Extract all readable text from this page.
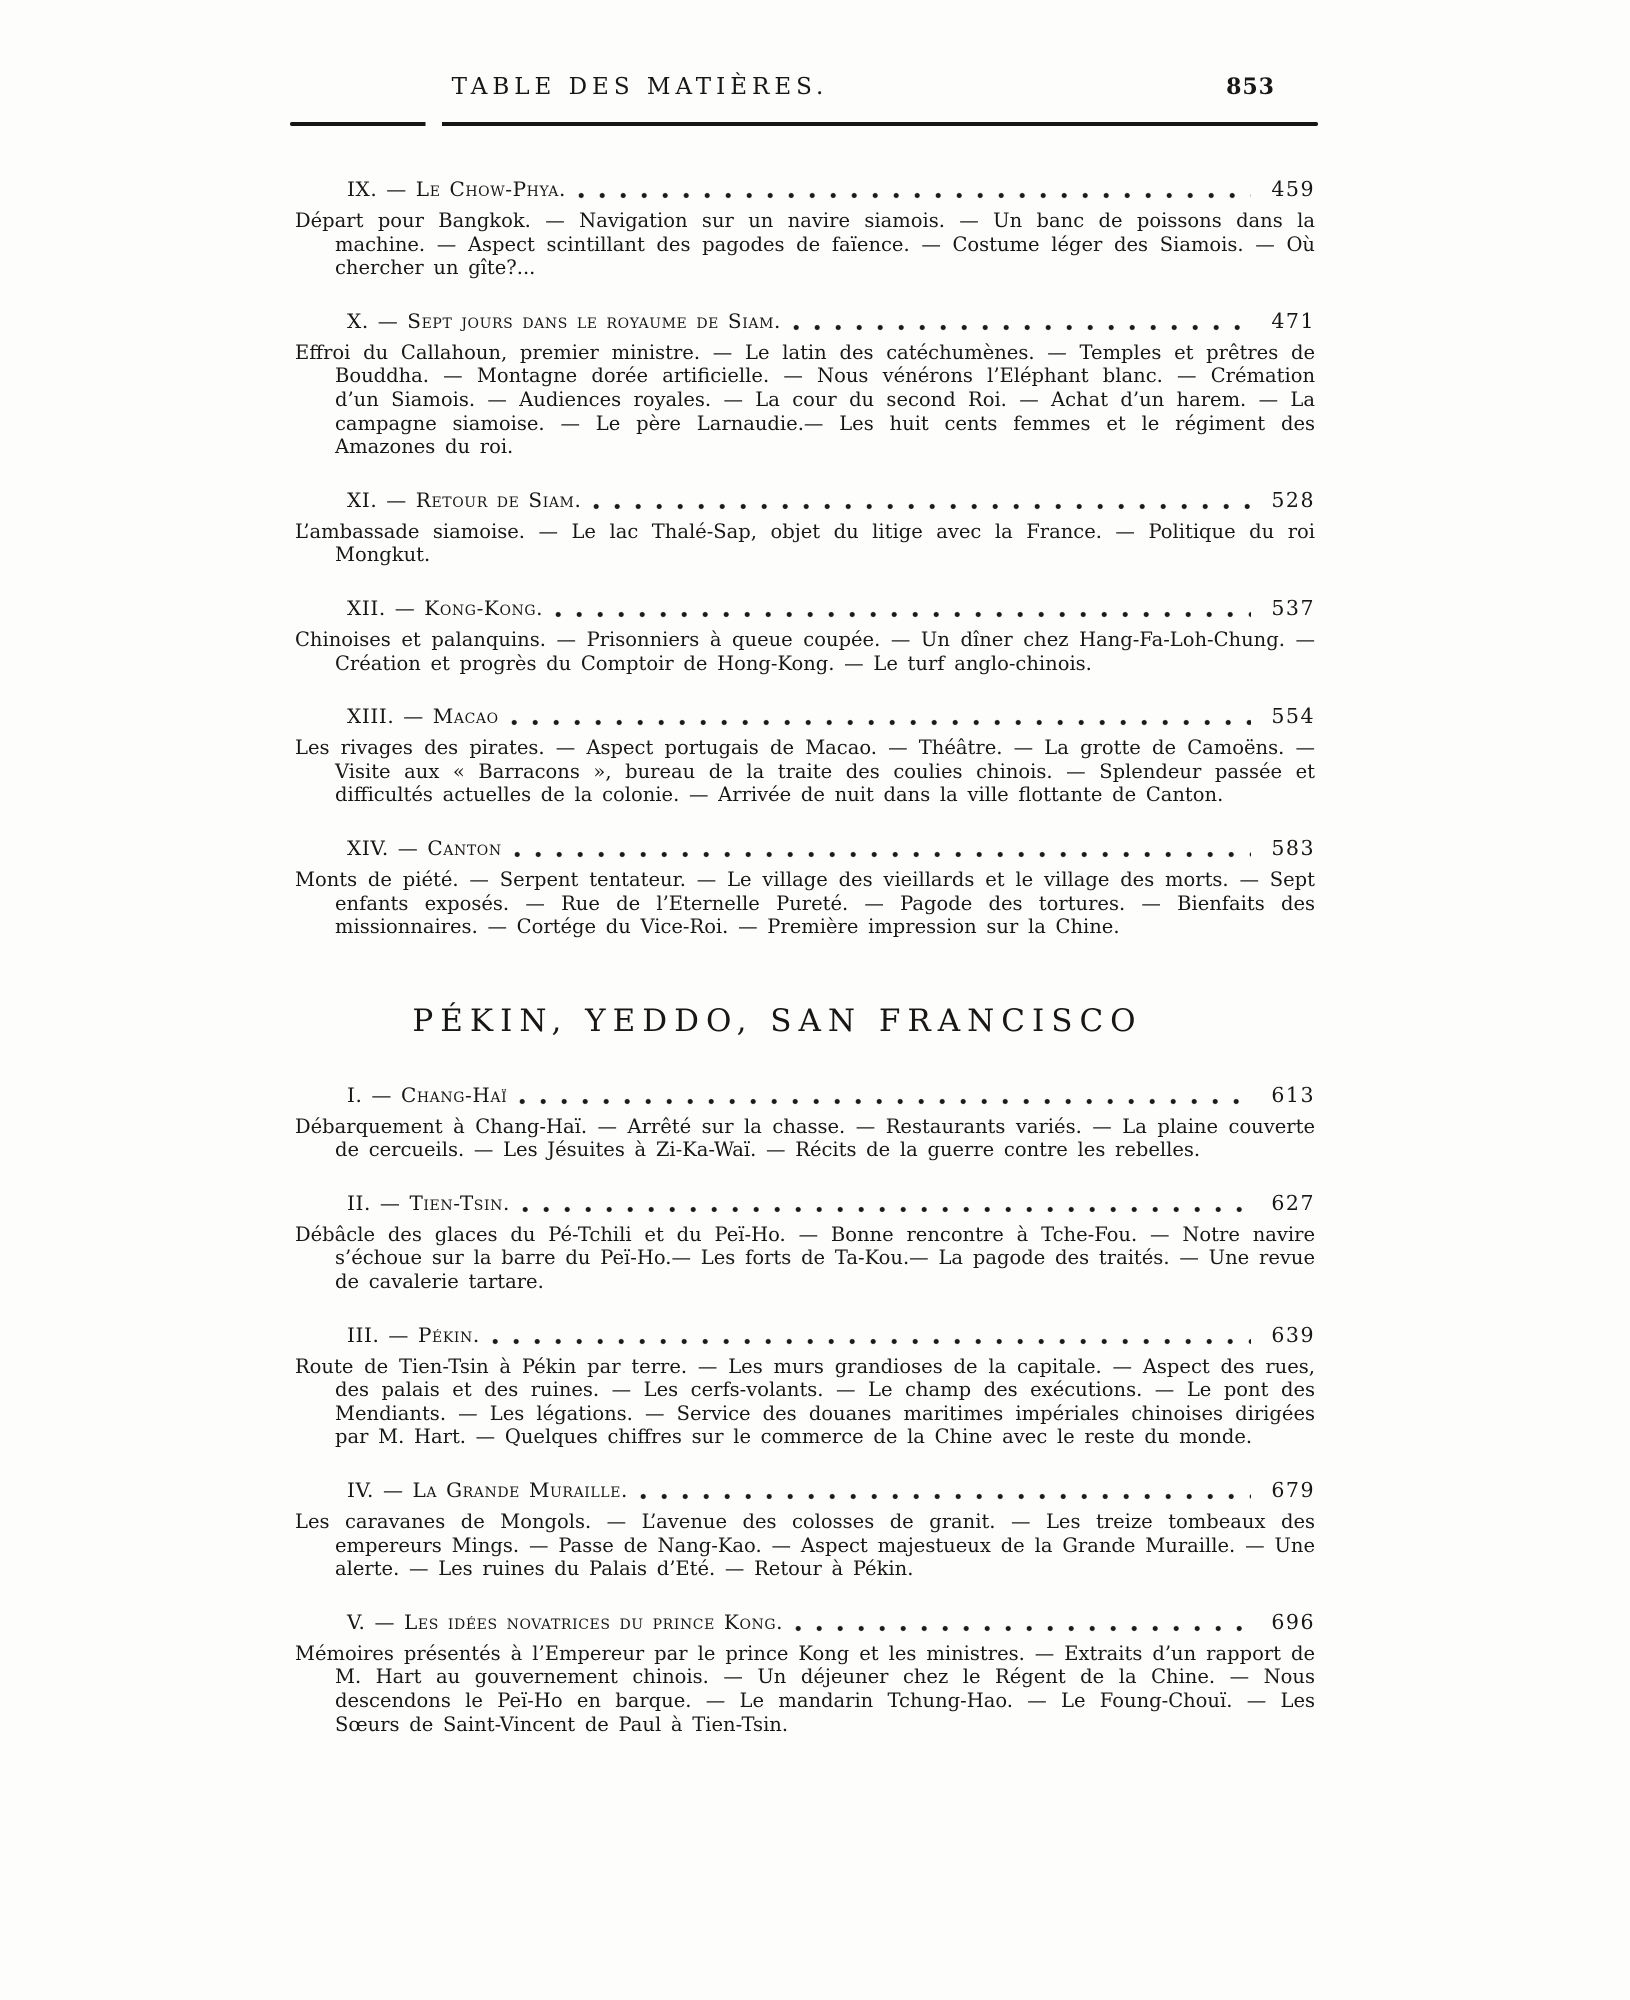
TABLE DES MATIÈRES.	853
IX. — Le Chow-Phya.	459

Départ pour Bangkok. — Navigation sur un navire siamois. — Un banc de poissons dans la machine. — Aspect scintillant des pagodes de faïence. — Costume léger des Siamois. — Où chercher un gîte?...

X. — Sept jours dans le royaume de Siam.	471

Effroi du Callahoun, premier ministre. — Le latin des catéchumènes. — Temples et prêtres de Bouddha. — Montagne dorée artificielle. — Nous vénérons l’Eléphant blanc. — Crémation d’un Siamois. — Audiences royales. — La cour du second Roi. — Achat d’un harem. — La campagne siamoise. — Le père Larnaudie.— Les huit cents femmes et le régiment des Amazones du roi.

XI. — Retour de Siam.	528

L’ambassade siamoise. — Le lac Thalé-Sap, objet du litige avec la France. — Politique du roi Mongkut.

XII. — Kong-Kong.	537

Chinoises et palanquins. — Prisonniers à queue coupée. — Un dîner chez Hang-Fa-Loh-Chung. — Création et progrès du Comptoir de Hong-Kong. — Le turf anglo-chinois.

XIII. — Macao	554

Les rivages des pirates. — Aspect portugais de Macao. — Théâtre. — La grotte de Camoëns. — Visite aux « Barracons », bureau de la traite des coulies chinois. — Splendeur passée et difficultés actuelles de la colonie. — Arrivée de nuit dans la ville flottante de Canton.

XIV. — Canton	583

Monts de piété. — Serpent tentateur. — Le village des vieillards et le village des morts. — Sept enfants exposés. — Rue de l’Eternelle Pureté. — Pagode des tortures. — Bienfaits des missionnaires. — Cortége du Vice-Roi. — Première impression sur la Chine.

PÉKIN, YEDDO, SAN FRANCISCO
I. — Chang-Haï	613

Débarquement à Chang-Haï. — Arrêté sur la chasse. — Restaurants variés. — La plaine couverte de cercueils. — Les Jésuites à Zi-Ka-Waï. — Récits de la guerre contre les rebelles.

II. — Tien-Tsin.	627

Débâcle des glaces du Pé-Tchili et du Peï-Ho. — Bonne rencontre à Tche-Fou. — Notre navire s’échoue sur la barre du Peï-Ho.— Les forts de Ta-Kou.— La pagode des traités. — Une revue de cavalerie tartare.

III. — Pékin.	639

Route de Tien-Tsin à Pékin par terre. — Les murs grandioses de la capitale. — Aspect des rues, des palais et des ruines. — Les cerfs-volants. — Le champ des exécutions. — Le pont des Mendiants. — Les légations. — Service des douanes maritimes impériales chinoises dirigées par M. Hart. — Quelques chiffres sur le commerce de la Chine avec le reste du monde.

IV. — La Grande Muraille.	679

Les caravanes de Mongols. — L’avenue des colosses de granit. — Les treize tombeaux des empereurs Mings. — Passe de Nang-Kao. — Aspect majestueux de la Grande Muraille. — Une alerte. — Les ruines du Palais d’Eté. — Retour à Pékin.

V. — Les idées novatrices du prince Kong.	696

Mémoires présentés à l’Empereur par le prince Kong et les ministres. — Extraits d’un rapport de M. Hart au gouvernement chinois. — Un déjeuner chez le Régent de la Chine. — Nous descendons le Peï-Ho en barque. — Le mandarin Tchung-Hao. — Le Foung-Chouï. — Les Sœurs de Saint-Vincent de Paul à Tien-Tsin.
